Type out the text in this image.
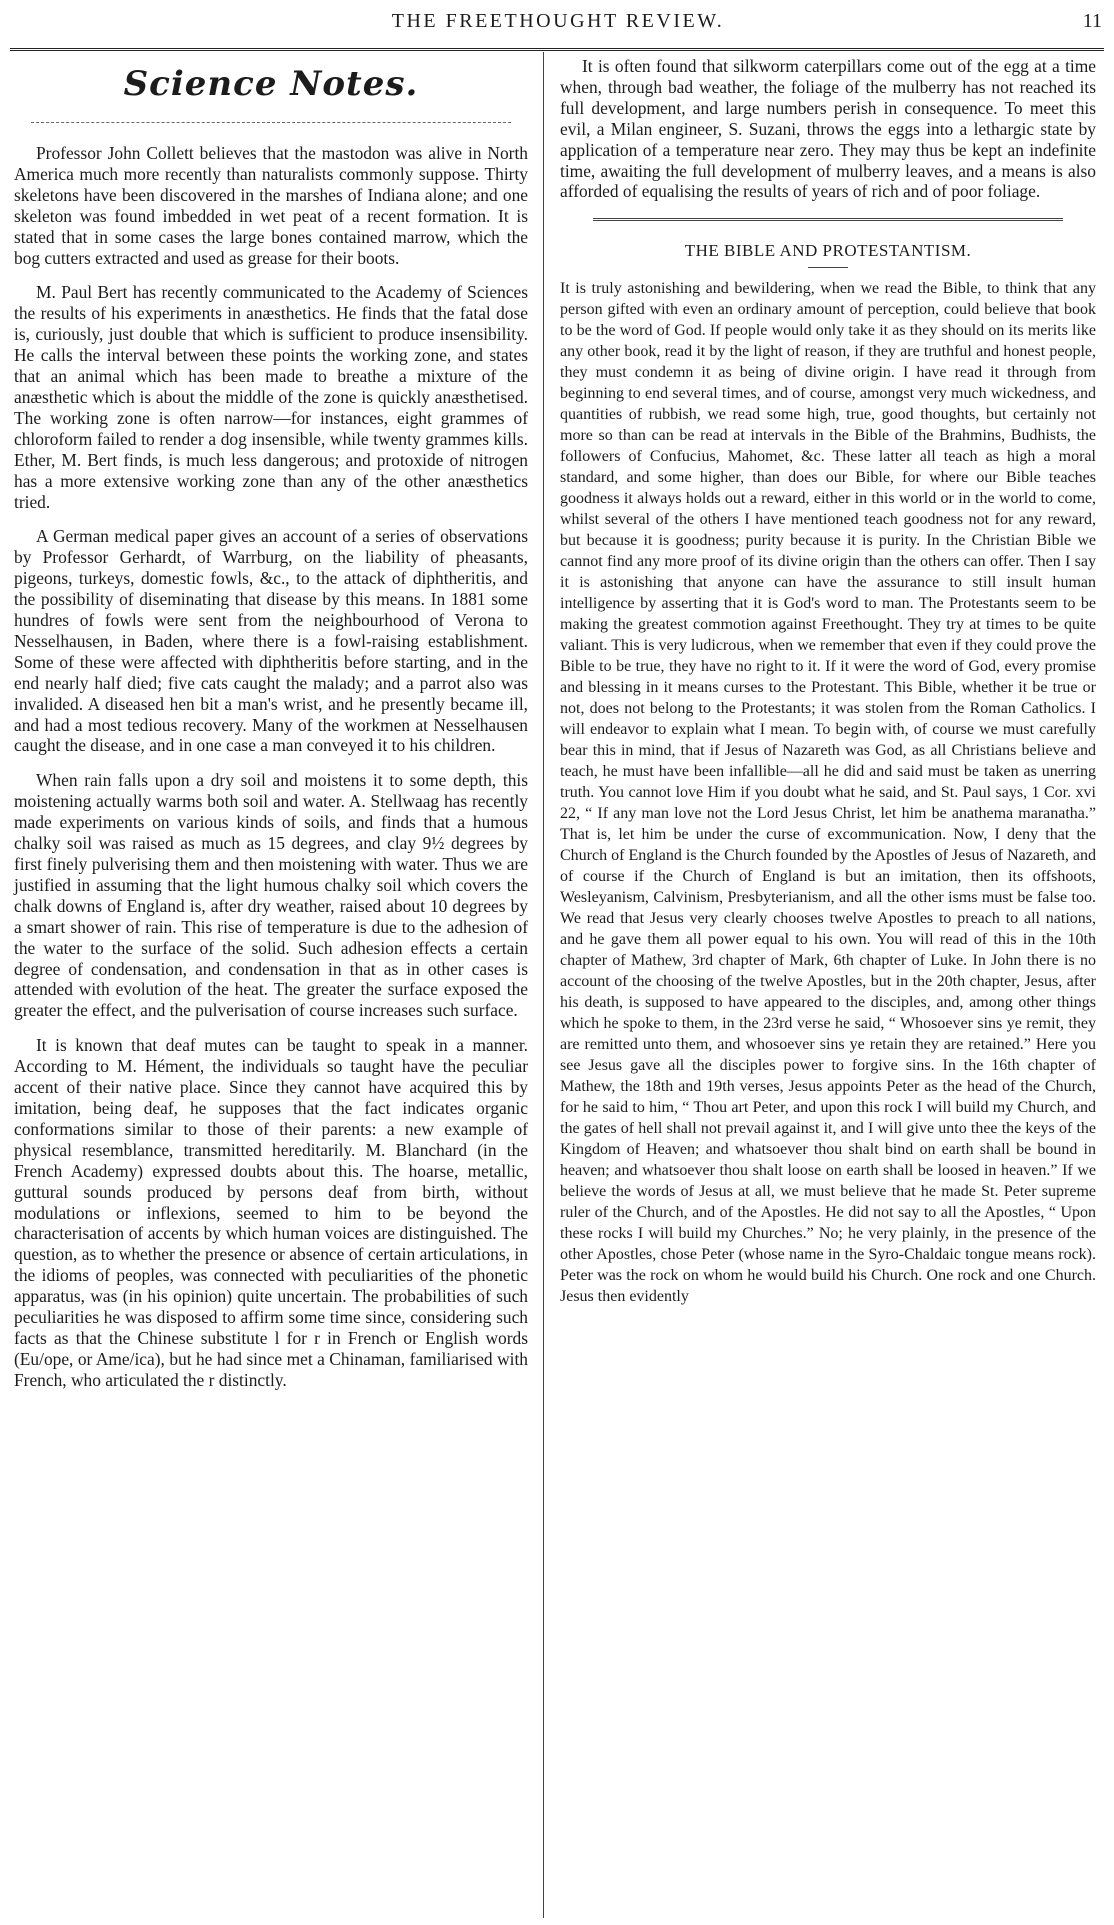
THE FREETHOUGHT REVIEW.	11
Science Notes.

Professor John Collett believes that the mastodon was alive in North America much more recently than naturalists commonly suppose. Thirty skeletons have been discovered in the marshes of Indiana alone; and one skeleton was found imbedded in wet peat of a recent formation. It is stated that in some cases the large bones contained marrow, which the bog cutters extracted and used as grease for their boots.

M. Paul Bert has recently communicated to the Academy of Sciences the results of his experiments in anæsthetics. He finds that the fatal dose is, curiously, just double that which is sufficient to produce insensibility. He calls the interval between these points the working zone, and states that an animal which has been made to breathe a mixture of the anæsthetic which is about the middle of the zone is quickly anæsthetised. The working zone is often narrow—for instances, eight grammes of chloroform failed to render a dog insensible, while twenty grammes kills. Ether, M. Bert finds, is much less dangerous; and protoxide of nitrogen has a more extensive working zone than any of the other anæsthetics tried.

A German medical paper gives an account of a series of observations by Professor Gerhardt, of Warrburg, on the liability of pheasants, pigeons, turkeys, domestic fowls, &c., to the attack of diphtheritis, and the possibility of diseminating that disease by this means. In 1881 some hundres of fowls were sent from the neighbourhood of Verona to Nesselhausen, in Baden, where there is a fowl-raising establishment. Some of these were affected with diphtheritis before starting, and in the end nearly half died; five cats caught the malady; and a parrot also was invalided. A diseased hen bit a man's wrist, and he presently became ill, and had a most tedious recovery. Many of the workmen at Nesselhausen caught the disease, and in one case a man conveyed it to his children.

When rain falls upon a dry soil and moistens it to some depth, this moistening actually warms both soil and water. A. Stellwaag has recently made experiments on various kinds of soils, and finds that a humous chalky soil was raised as much as 15 degrees, and clay 9½ degrees by first finely pulverising them and then moistening with water. Thus we are justified in assuming that the light humous chalky soil which covers the chalk downs of England is, after dry weather, raised about 10 degrees by a smart shower of rain. This rise of temperature is due to the adhesion of the water to the surface of the solid. Such adhesion effects a certain degree of condensation, and condensation in that as in other cases is attended with evolution of the heat. The greater the surface exposed the greater the effect, and the pulverisation of course increases such surface.

It is known that deaf mutes can be taught to speak in a manner. According to M. Hément, the individuals so taught have the peculiar accent of their native place. Since they cannot have acquired this by imitation, being deaf, he supposes that the fact indicates organic conformations similar to those of their parents: a new example of physical resemblance, transmitted hereditarily. M. Blanchard (in the French Academy) expressed doubts about this. The hoarse, metallic, guttural sounds produced by persons deaf from birth, without modulations or inflexions, seemed to him to be beyond the characterisation of accents by which human voices are distinguished. The question, as to whether the presence or absence of certain articulations, in the idioms of peoples, was connected with peculiarities of the phonetic apparatus, was (in his opinion) quite uncertain. The probabilities of such peculiarities he was disposed to affirm some time since, considering such facts as that the Chinese substitute l for r in French or English words (Eu/ope, or Ame/ica), but he had since met a Chinaman, familiarised with French, who articulated the r distinctly.

It is often found that silkworm caterpillars come out of the egg at a time when, through bad weather, the foliage of the mulberry has not reached its full development, and large numbers perish in consequence. To meet this evil, a Milan engineer, S. Suzani, throws the eggs into a lethargic state by application of a temperature near zero. They may thus be kept an indefinite time, awaiting the full development of mulberry leaves, and a means is also afforded of equalising the results of years of rich and of poor foliage.

THE BIBLE AND PROTESTANTISM.

It is truly astonishing and bewildering, when we read the Bible, to think that any person gifted with even an ordinary amount of perception, could believe that book to be the word of God. If people would only take it as they should on its merits like any other book, read it by the light of reason, if they are truthful and honest people, they must condemn it as being of divine origin. I have read it through from beginning to end several times, and of course, amongst very much wickedness, and quantities of rubbish, we read some high, true, good thoughts, but certainly not more so than can be read at intervals in the Bible of the Brahmins, Budhists, the followers of Confucius, Mahomet, &c. These latter all teach as high a moral standard, and some higher, than does our Bible, for where our Bible teaches goodness it always holds out a reward, either in this world or in the world to come, whilst several of the others I have mentioned teach goodness not for any reward, but because it is goodness; purity because it is purity. In the Christian Bible we cannot find any more proof of its divine origin than the others can offer. Then I say it is astonishing that anyone can have the assurance to still insult human intelligence by asserting that it is God's word to man. The Protestants seem to be making the greatest commotion against Freethought. They try at times to be quite valiant. This is very ludicrous, when we remember that even if they could prove the Bible to be true, they have no right to it. If it were the word of God, every promise and blessing in it means curses to the Protestant. This Bible, whether it be true or not, does not belong to the Protestants; it was stolen from the Roman Catholics. I will endeavor to explain what I mean. To begin with, of course we must carefully bear this in mind, that if Jesus of Nazareth was God, as all Christians believe and teach, he must have been infallible—all he did and said must be taken as unerring truth. You cannot love Him if you doubt what he said, and St. Paul says, 1 Cor. xvi 22, “ If any man love not the Lord Jesus Christ, let him be anathema maranatha.” That is, let him be under the curse of excommunication. Now, I deny that the Church of England is the Church founded by the Apostles of Jesus of Nazareth, and of course if the Church of England is but an imitation, then its offshoots, Wesleyanism, Calvinism, Presbyterianism, and all the other isms must be false too. We read that Jesus very clearly chooses twelve Apostles to preach to all nations, and he gave them all power equal to his own. You will read of this in the 10th chapter of Mathew, 3rd chapter of Mark, 6th chapter of Luke. In John there is no account of the choosing of the twelve Apostles, but in the 20th chapter, Jesus, after his death, is supposed to have appeared to the disciples, and, among other things which he spoke to them, in the 23rd verse he said, “ Whosoever sins ye remit, they are remitted unto them, and whosoever sins ye retain they are retained.” Here you see Jesus gave all the disciples power to forgive sins. In the 16th chapter of Mathew, the 18th and 19th verses, Jesus appoints Peter as the head of the Church, for he said to him, “ Thou art Peter, and upon this rock I will build my Church, and the gates of hell shall not prevail against it, and I will give unto thee the keys of the Kingdom of Heaven; and whatsoever thou shalt bind on earth shall be bound in heaven; and whatsoever thou shalt loose on earth shall be loosed in heaven.” If we believe the words of Jesus at all, we must believe that he made St. Peter supreme ruler of the Church, and of the Apostles. He did not say to all the Apostles, “ Upon these rocks I will build my Churches.” No; he very plainly, in the presence of the other Apostles, chose Peter (whose name in the Syro-Chaldaic tongue means rock). Peter was the rock on whom he would build his Church. One rock and one Church. Jesus then evidently
